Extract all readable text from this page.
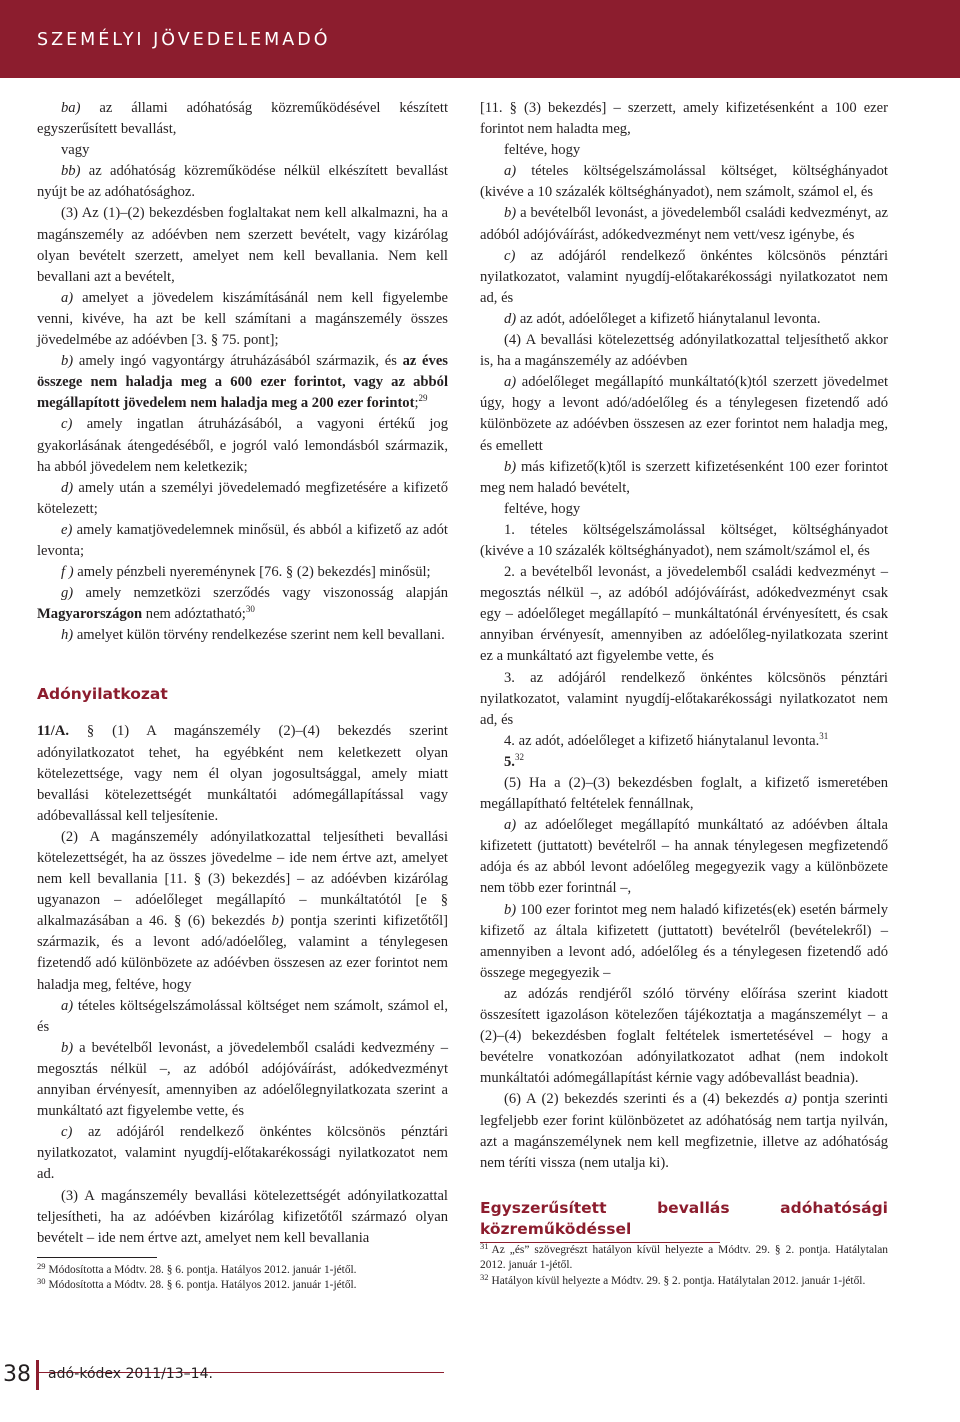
SZEMÉLYI JÖVEDELEMADÓ

ba) az állami adóhatóság közreműködésével készített egyszerűsített bevallást,

vagy

bb) az adóhatóság közreműködése nélkül elkészített bevallást nyújt be az adóhatósághoz.

(3) Az (1)–(2) bekezdésben foglaltakat nem kell alkalmazni, ha a magánszemély az adóévben nem szerzett bevételt, vagy kizárólag olyan bevételt szerzett, amelyet nem kell bevallania. Nem kell bevallani azt a bevételt,

a) amelyet a jövedelem kiszámításánál nem kell figyelembe venni, kivéve, ha azt be kell számítani a magánszemély összes jövedelmébe az adóévben [3. § 75. pont];

b) amely ingó vagyontárgy átruházásából származik, és az éves összege nem haladja meg a 600 ezer forintot, vagy az abból megállapított jövedelem nem haladja meg a 200 ezer forintot;$^{29}$

c) amely ingatlan átruházásából, a vagyoni értékű jog gyakorlásának átengedéséből, e jogról való lemondásból származik, ha abból jövedelem nem keletkezik;

d) amely után a személyi jövedelemadó megfizetésére a kifizető kötelezett;

e) amely kamatjövedelemnek minősül, és abból a kifizető az adót levonta;

f ) amely pénzbeli nyereménynek [76. § (2) bekezdés] minősül;

g) amely nemzetközi szerződés vagy viszonosság alapján Magyarországon nem adóztatható;$^{30}$

h) amelyet külön törvény rendelkezése szerint nem kell bevallani.

Adónyilatkozat

11/A. § (1) A magánszemély (2)–(4) bekezdés szerint adónyilatkozatot tehet, ha egyébként nem keletkezett olyan kötelezettsége, vagy nem él olyan jogosultsággal, amely miatt bevallási kötelezettségét munkáltatói adómegállapítással vagy adóbevallással kell teljesítenie.

(2) A magánszemély adónyilatkozattal teljesítheti bevallási kötelezettségét, ha az összes jövedelme – ide nem értve azt, amelyet nem kell bevallania [11. § (3) bekezdés] – az adóévben kizárólag ugyanazon – adóelőleget megállapító – munkáltatótól [e § alkalmazásában a 46. § (6) bekezdés b) pontja szerinti kifizetőtől] származik, és a levont adó/adóelőleg, valamint a ténylegesen fizetendő adó különbözete az adóévben összesen az ezer forintot nem haladja meg, feltéve, hogy

a) tételes költségelszámolással költséget nem számolt, számol el, és

b) a bevételből levonást, a jövedelemből családi kedvezmény – megosztás nélkül –, az adóból adójóváírást, adókedvezményt annyiban érvényesít, amennyiben az adóelőlegnyilatkozata szerint a munkáltató azt figyelembe vette, és

c) az adójáról rendelkező önkéntes kölcsönös pénztári nyilatkozatot, valamint nyugdíj-előtakarékossági nyilatkozatot nem ad.

(3) A magánszemély bevallási kötelezettségét adónyilatkozattal teljesítheti, ha az adóévben kizárólag kifizetőtől származó olyan bevételt – ide nem értve azt, amelyet nem kell bevallania

$^{29}$ Módosította a Módtv. 28. § 6. pontja. Hatályos 2012. január 1-jétől.

$^{30}$ Módosította a Módtv. 28. § 6. pontja. Hatályos 2012. január 1-jétől.

[11. § (3) bekezdés] – szerzett, amely kifizetésenként a 100 ezer forintot nem haladta meg,

feltéve, hogy

a) tételes költségelszámolással költséget, költséghányadot (kivéve a 10 százalék költséghányadot), nem számolt, számol el, és

b) a bevételből levonást, a jövedelemből családi kedvezményt, az adóból adójóváírást, adókedvezményt nem vett/vesz igénybe, és

c) az adójáról rendelkező önkéntes kölcsönös pénztári nyilatkozatot, valamint nyugdíj-előtakarékossági nyilatkozatot nem ad, és

d) az adót, adóelőleget a kifizető hiánytalanul levonta.

(4) A bevallási kötelezettség adónyilatkozattal teljesíthető akkor is, ha a magánszemély az adóévben

a) adóelőleget megállapító munkáltató(k)tól szerzett jövedelmet úgy, hogy a levont adó/adóelőleg és a ténylegesen fizetendő adó különbözete az adóévben összesen az ezer forintot nem haladja meg, és emellett

b) más kifizető(k)től is szerzett kifizetésenként 100 ezer forintot meg nem haladó bevételt,

feltéve, hogy

1. tételes költségelszámolással költséget, költséghányadot (kivéve a 10 százalék költséghányadot), nem számolt/számol el, és

2. a bevételből levonást, a jövedelemből családi kedvezményt – megosztás nélkül –, az adóból adójóváírást, adókedvezményt csak egy – adóelőleget megállapító – munkáltatónál érvényesített, és csak annyiban érvényesít, amennyiben az adóelőleg-nyilatkozata szerint ez a munkáltató azt figyelembe vette, és

3. az adójáról rendelkező önkéntes kölcsönös pénztári nyilatkozatot, valamint nyugdíj-előtakarékossági nyilatkozatot nem ad, és

4. az adót, adóelőleget a kifizető hiánytalanul levonta.$^{31}$

5.32

(5) Ha a (2)–(3) bekezdésben foglalt, a kifizető ismeretében megállapítható feltételek fennállnak,

a) az adóelőleget megállapító munkáltató az adóévben általa kifizetett (juttatott) bevételről – ha annak ténylegesen megfizetendő adója és az abból levont adóelőleg megegyezik vagy a különbözete nem több ezer forintnál –,

b) 100 ezer forintot meg nem haladó kifizetés(ek) esetén bármely kifizető az általa kifizetett (juttatott) bevételről (bevételekről) – amennyiben a levont adó, adóelőleg és a ténylegesen fizetendő adó összege megegyezik –

az adózás rendjéről szóló törvény előírása szerint kiadott összesített igazoláson kötelezően tájékoztatja a magánszemélyt – a (2)–(4) bekezdésben foglalt feltételek ismertetésével – hogy a bevételre vonatkozóan adónyilatkozatot adhat (nem indokolt munkáltatói adómegállapítást kérnie vagy adóbevallást beadnia).

(6) A (2) bekezdés szerinti és a (4) bekezdés a) pontja szerinti legfeljebb ezer forint különbözetet az adóhatóság nem tartja nyilván, azt a magánszemélynek nem kell megfizetnie, illetve az adóhatóság nem téríti vissza (nem utalja ki).

Egyszerűsített bevallás adóhatósági közreműködéssel

$^{31}$ Az „és” szövegrészt hatályon kívül helyezte a Módtv. 29. § 2. pontja. Hatálytalan 2012. január 1-jétől.

$^{32}$ Hatályon kívül helyezte a Módtv. 29. § 2. pontja. Hatálytalan 2012. január 1-jétől.

38 adó-kódex 2011/13–14.
